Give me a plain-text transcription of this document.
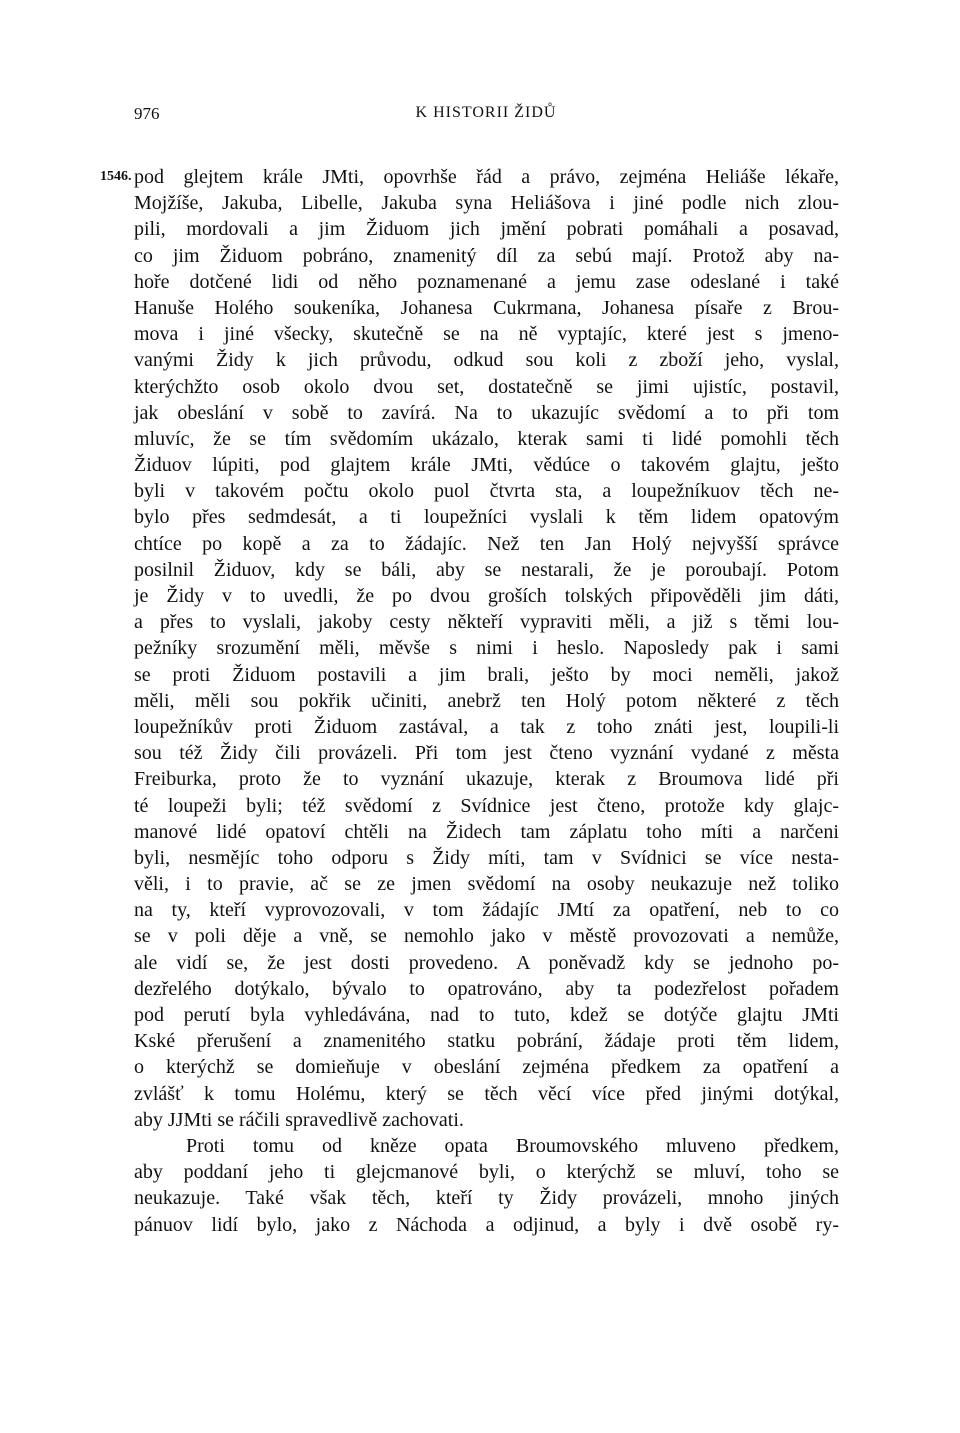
976	K HISTORII ŽIDŮ
1546. pod glejtem krále JMti, opovrhše řád a právo, zejména Heliáše lékaře,
Mojžíše, Jakuba, Libelle, Jakuba syna Heliášova i jiné podle nich zlou-
pili, mordovali a jim Židuom jich jmění pobrati pomáhali a posavad,
co jim Židuom pobráno, znamenitý díl za sebú mají. Protož aby na-
hoře dotčené lidi od něho poznamenané a jemu zase odeslané i také
Hanuše Holého soukeníka, Johanesa Cukrmana, Johanesa písaře z Brou-
mova i jiné všecky, skutečně se na ně vyptajíc, které jest s jmeno-
vanými Židy k jich průvodu, odkud sou koli z zboží jeho, vyslal,
kterýchžto osob okolo dvou set, dostatečně se jimi ujistíc, postavil,
jak obeslání v sobě to zavírá. Na to ukazujíc svědomí a to při tom
mluvíc, že se tím svědomím ukázalo, kterak sami ti lidé pomohli těch
Židuov lúpiti, pod glajtem krále JMti, vědúce o takovém glajtu, ješto
byli v takovém počtu okolo puol čtvrta sta, a loupežníkuov těch ne-
bylo přes sedmdesát, a ti loupežníci vyslali k těm lidem opatovým
chtíce po kopě a za to žádajíc. Než ten Jan Holý nejvyšší správce
posilnil Židuov, kdy se báli, aby se nestarali, že je poroubají. Potom
je Židy v to uvedli, že po dvou groších tolských připověděli jim dáti,
a přes to vyslali, jakoby cesty někteří vypraviti měli, a již s těmi lou-
pežníky srozumění měli, měvše s nimi i heslo. Naposledy pak i sami
se proti Židuom postavili a jim brali, ješto by moci neměli, jakož
měli, měli sou pokřik učiniti, anebrž ten Holý potom některé z těch
loupežníkův proti Židuom zastával, a tak z toho znáti jest, loupili-li
sou též Židy čili provázeli. Při tom jest čteno vyznání vydané z města
Freiburka, proto že to vyznání ukazuje, kterak z Broumova lidé při
té loupeži byli; též svědomí z Svídnice jest čteno, protože kdy glajc-
manové lidé opatoví chtěli na Židech tam záplatu toho míti a narčeni
byli, nesmějíc toho odporu s Židy míti, tam v Svídnici se více nesta-
věli, i to pravie, ač se ze jmen svědomí na osoby neukazuje než toliko
na ty, kteří vyprovozovali, v tom žádajíc JMtí za opatření, neb to co
se v poli děje a vně, se nemohlo jako v městě provozovati a nemůže,
ale vidí se, že jest dosti provedeno. A poněvadž kdy se jednoho po-
dezřelého dotýkalo, bývalo to opatrováno, aby ta podezřelost pořadem
pod perutí byla vyhledávána, nad to tuto, kdež se dotýče glajtu JMti
Kské přerušení a znamenitého statku pobrání, žádaje proti těm lidem,
o kterýchž se domieňuje v obeslání zejména předkem za opatření a
zvlášť k tomu Holému, který se těch věcí více před jinými dotýkal,
aby JJMti se ráčili spravedlivě zachovati.
Proti tomu od kněze opata Broumovského mluveno předkem,
aby poddaní jeho ti glejcmanové byli, o kterýchž se mluví, toho se
neukazuje. Také však těch, kteří ty Židy provázeli, mnoho jiných
pánuov lidí bylo, jako z Náchoda a odjinud, a byly i dvě osobě ry-
